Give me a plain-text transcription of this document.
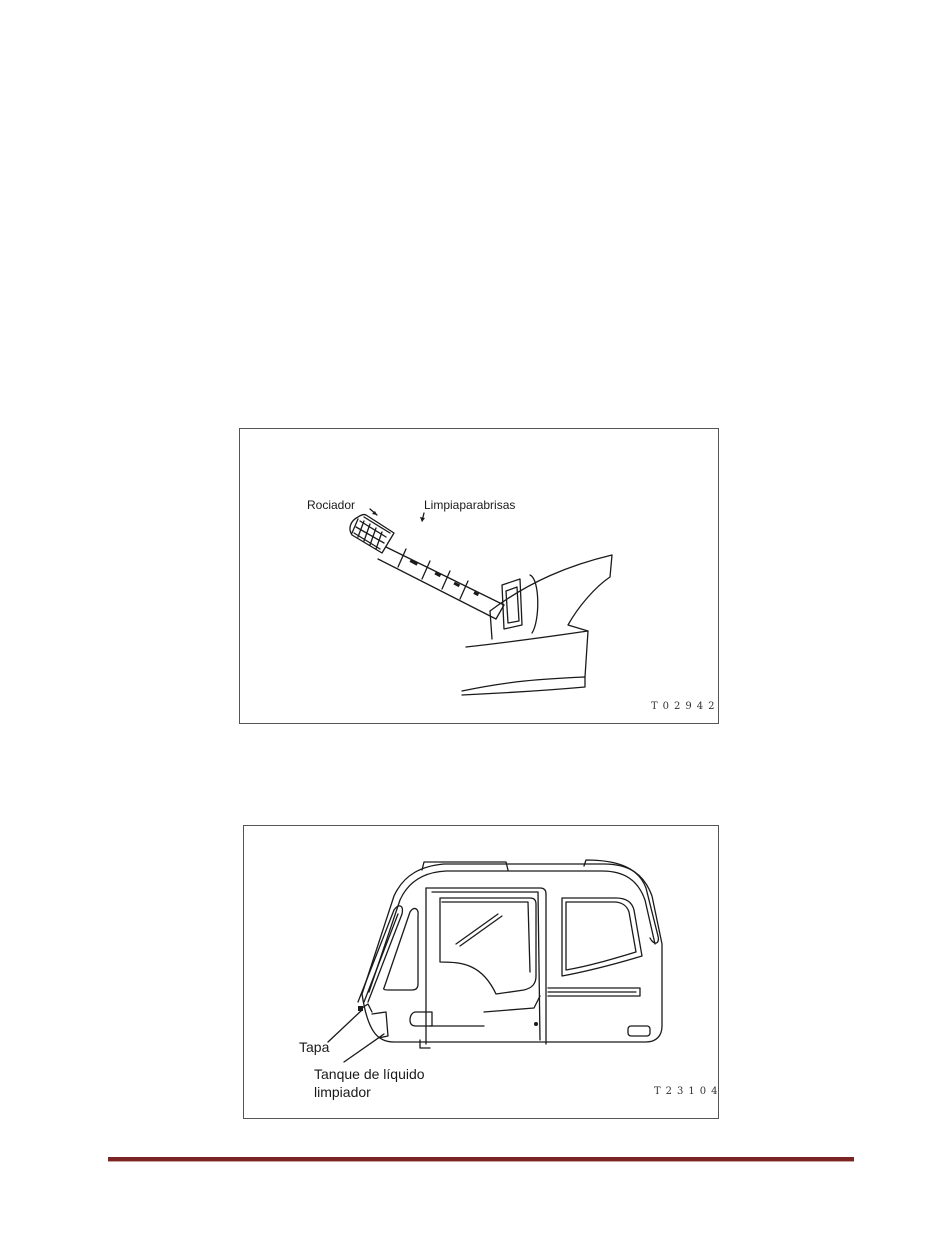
Rociador	Limpiaparabrisas
T02942
Tapa
Tanque de líquido
limpiador	T23104
